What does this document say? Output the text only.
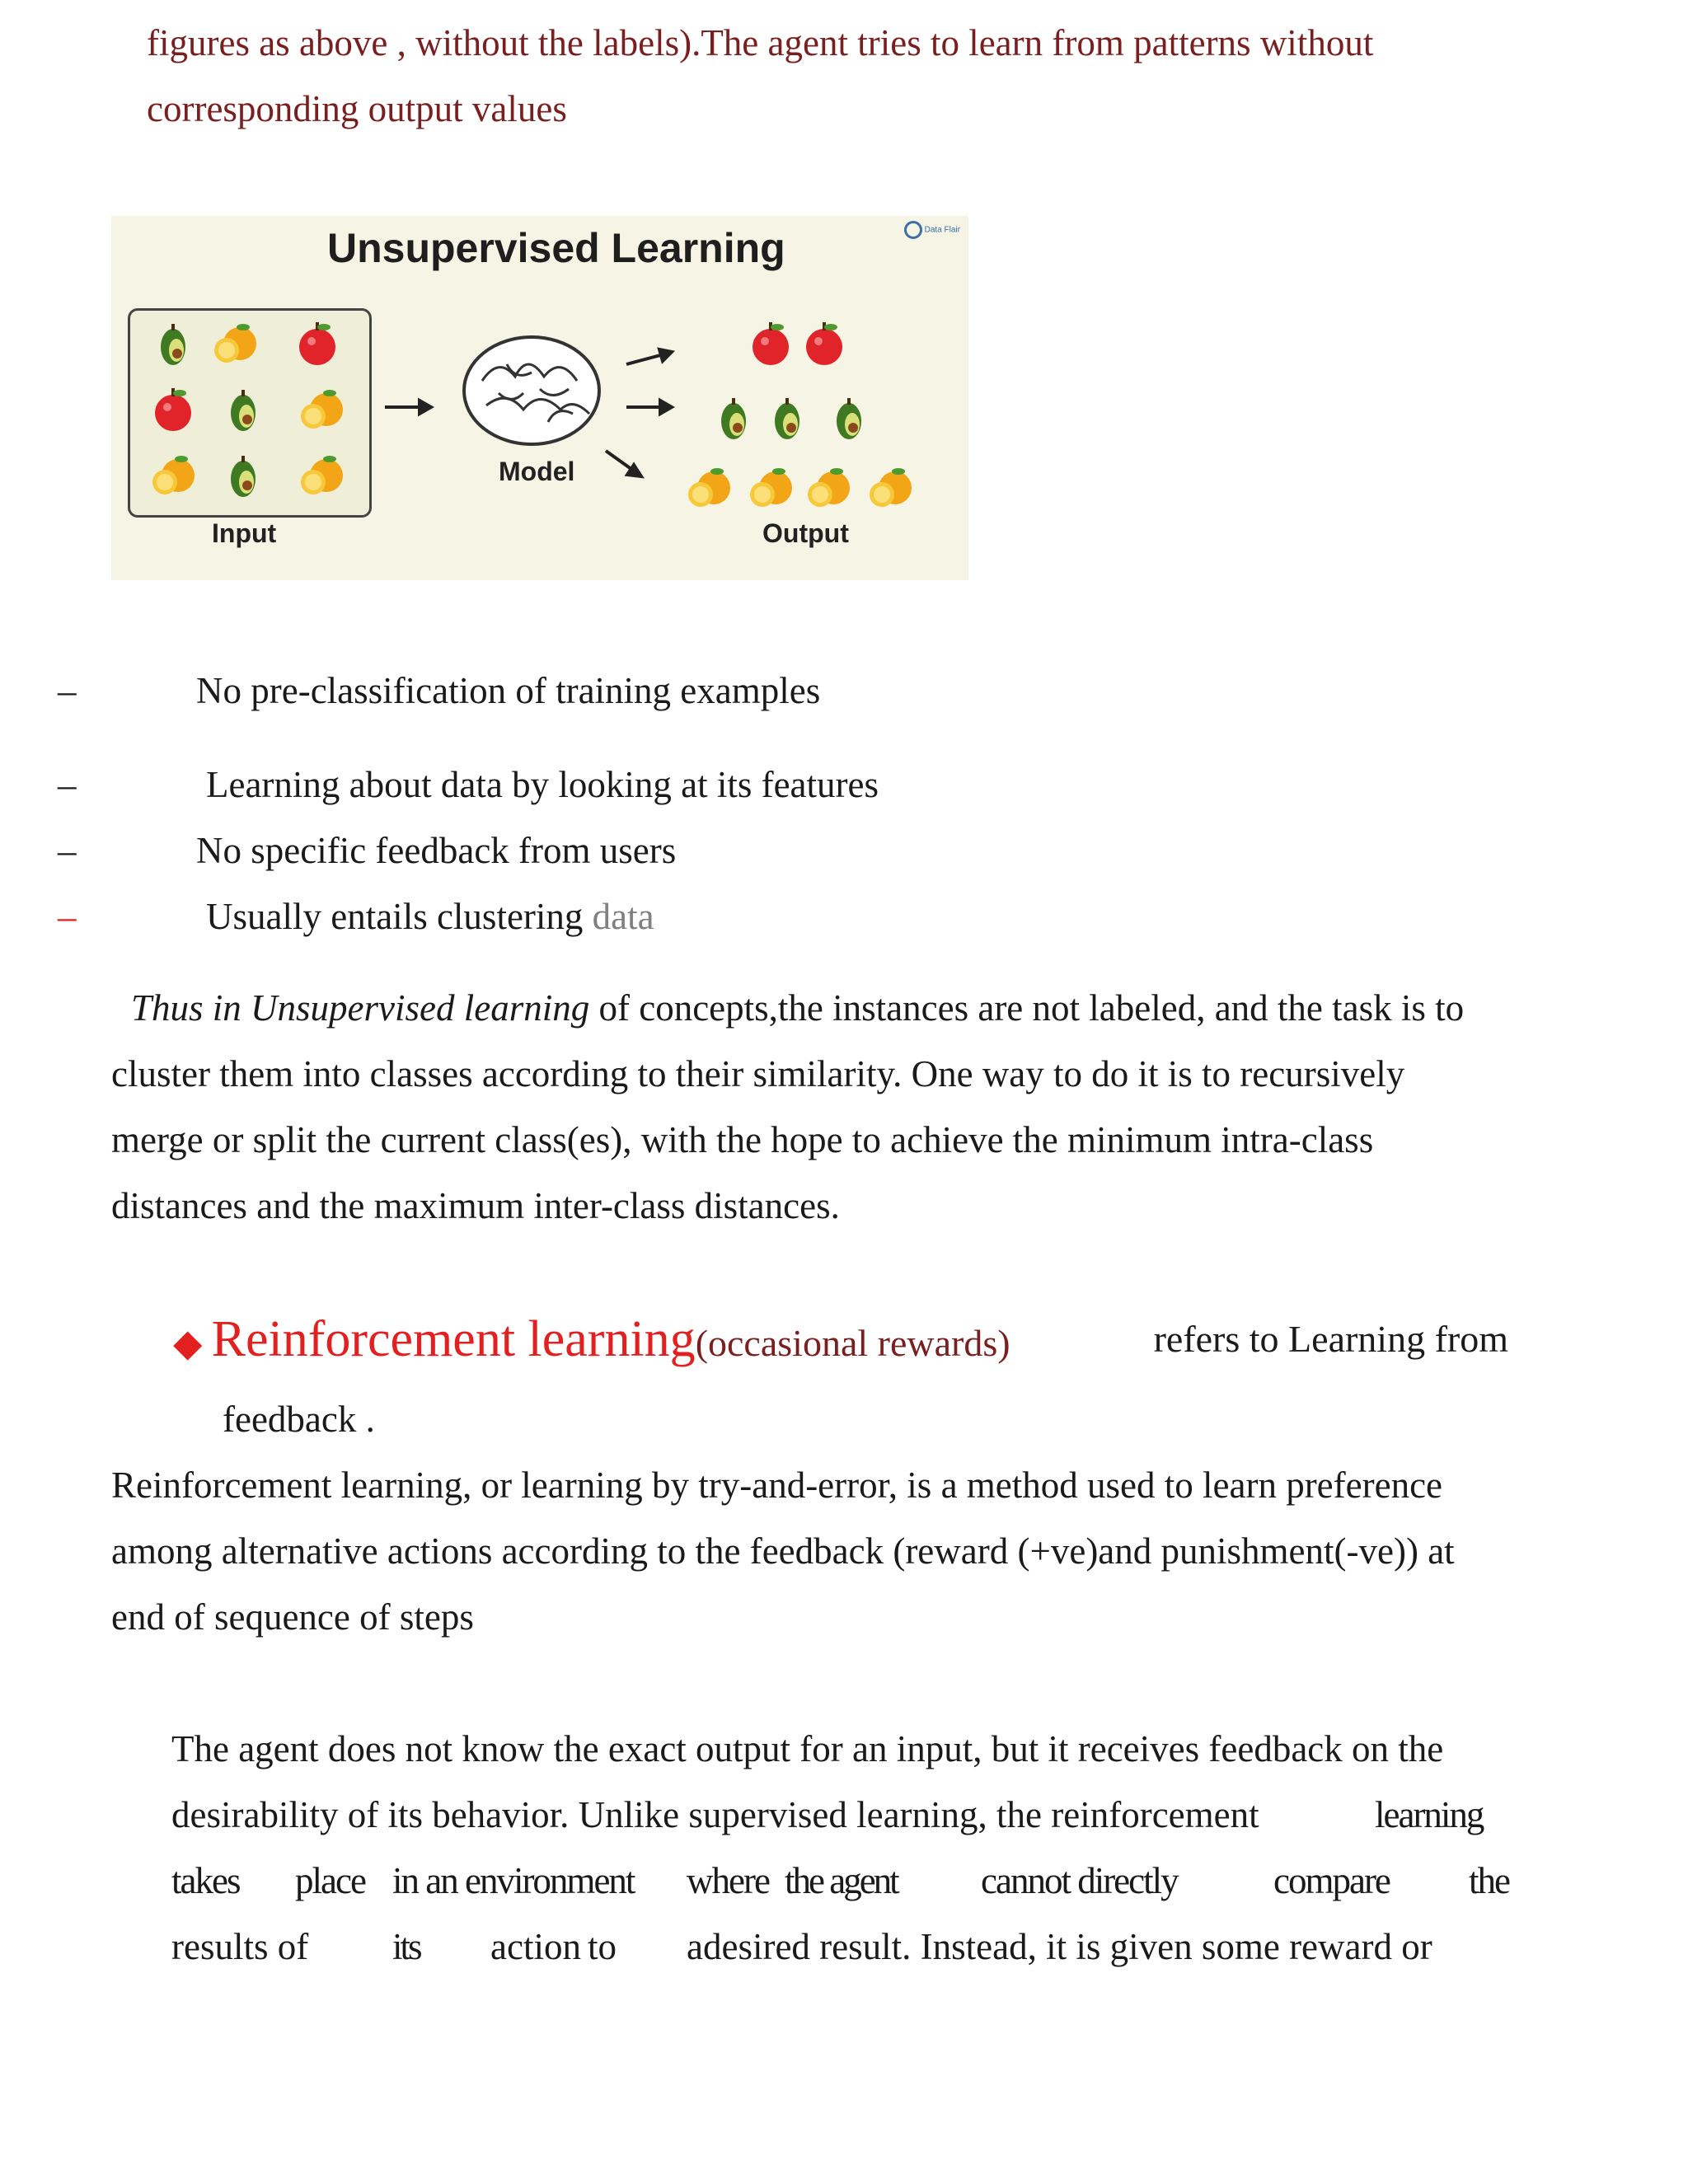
figures as above , without the labels).The agent tries to learn from patterns without
corresponding output values
Unsupervised Learning	Data Flair
Input
Model
Output
–	No pre-classification of training examples
–	Learning about data by looking at its features
–	No specific feedback from users
–	Usually entails clustering data

Thus in Unsupervised learning of concepts,the instances are not labeled, and the task is to

cluster them into classes according to their similarity. One way to do it is to recursively

merge or split the current class(es), with the hope to achieve the minimum intra-class

distances and the maximum inter-class distances.

◆ Reinforcement learning(occasional rewards)	refers to Learning from
feedback .

Reinforcement learning, or learning by try-and-error, is a method used to learn preference

among alternative actions according to the feedback (reward (+ve)and punishment(-ve)) at

end of sequence of steps

The agent does not know the exact output for an input, but it receives feedback on the

desirability of its behavior. Unlike supervised learning, the reinforcement	learning
takes place in an environment where the agent cannot directly	compare the
results of its action to adesired result. Instead, it is given some reward or
